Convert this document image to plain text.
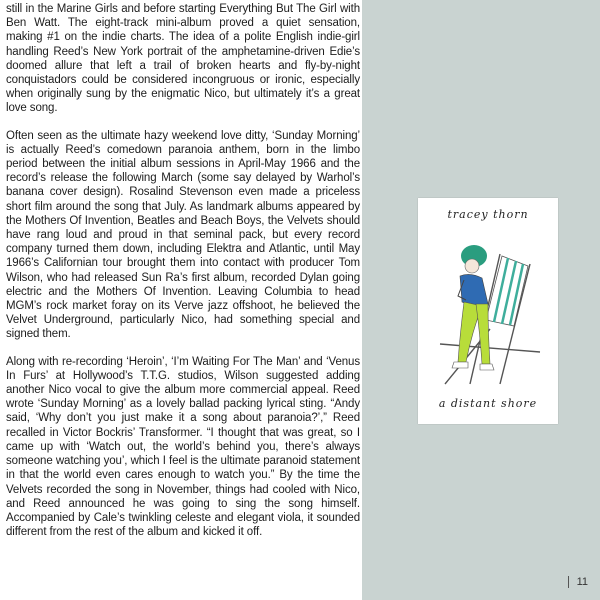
still in the Marine Girls and before starting Everything But The Girl with Ben Watt. The eight-track mini-album proved a quiet sensation, making #1 on the indie charts. The idea of a polite English indie-girl handling Reed’s New York portrait of the amphetamine-driven Edie’s doomed allure that left a trail of broken hearts and fly-by-night conquistadors could be considered incongruous or ironic, especially when originally sung by the enigmatic Nico, but ultimately it’s a great love song.

Often seen as the ultimate hazy weekend love ditty, ‘Sunday Morning’ is actually Reed’s comedown paranoia anthem, born in the limbo period between the initial album sessions in April-May 1966 and the record’s release the following March (some say delayed by Warhol’s banana cover design). Rosalind Stevenson even made a priceless short film around the song that July. As landmark albums appeared by the Mothers Of Invention, Beatles and Beach Boys, the Velvets should have rang loud and proud in that seminal pack, but every record company turned them down, including Elektra and Atlantic, until May 1966’s Californian tour brought them into contact with producer Tom Wilson, who had released Sun Ra’s first album, recorded Dylan going electric and the Mothers Of Invention. Leaving Columbia to head MGM’s rock market foray on its Verve jazz offshoot, he believed the Velvet Underground, particularly Nico, had something special and signed them.

Along with re-recording ‘Heroin’, ‘I’m Waiting For The Man’ and ‘Venus In Furs’ at Hollywood’s T.T.G. studios, Wilson suggested adding another Nico vocal to give the album more commercial appeal. Reed wrote ‘Sunday Morning’ as a lovely ballad packing lyrical sting. “Andy said, ‘Why don’t you just make it a song about paranoia?’,” Reed recalled in Victor Bockris’ Transformer. “I thought that was great, so I came up with ‘Watch out, the world’s behind you, there’s always someone watching you’, which I feel is the ultimate paranoid statement in that the world even cares enough to watch you.” By the time the Velvets recorded the song in November, things had cooled with Nico, and Reed announced he was going to sing the song himself. Accompanied by Cale’s twinkling celeste and elegant viola, it sounded different from the rest of the album and kicked it off.

tracey thorn
a distant shore
11
